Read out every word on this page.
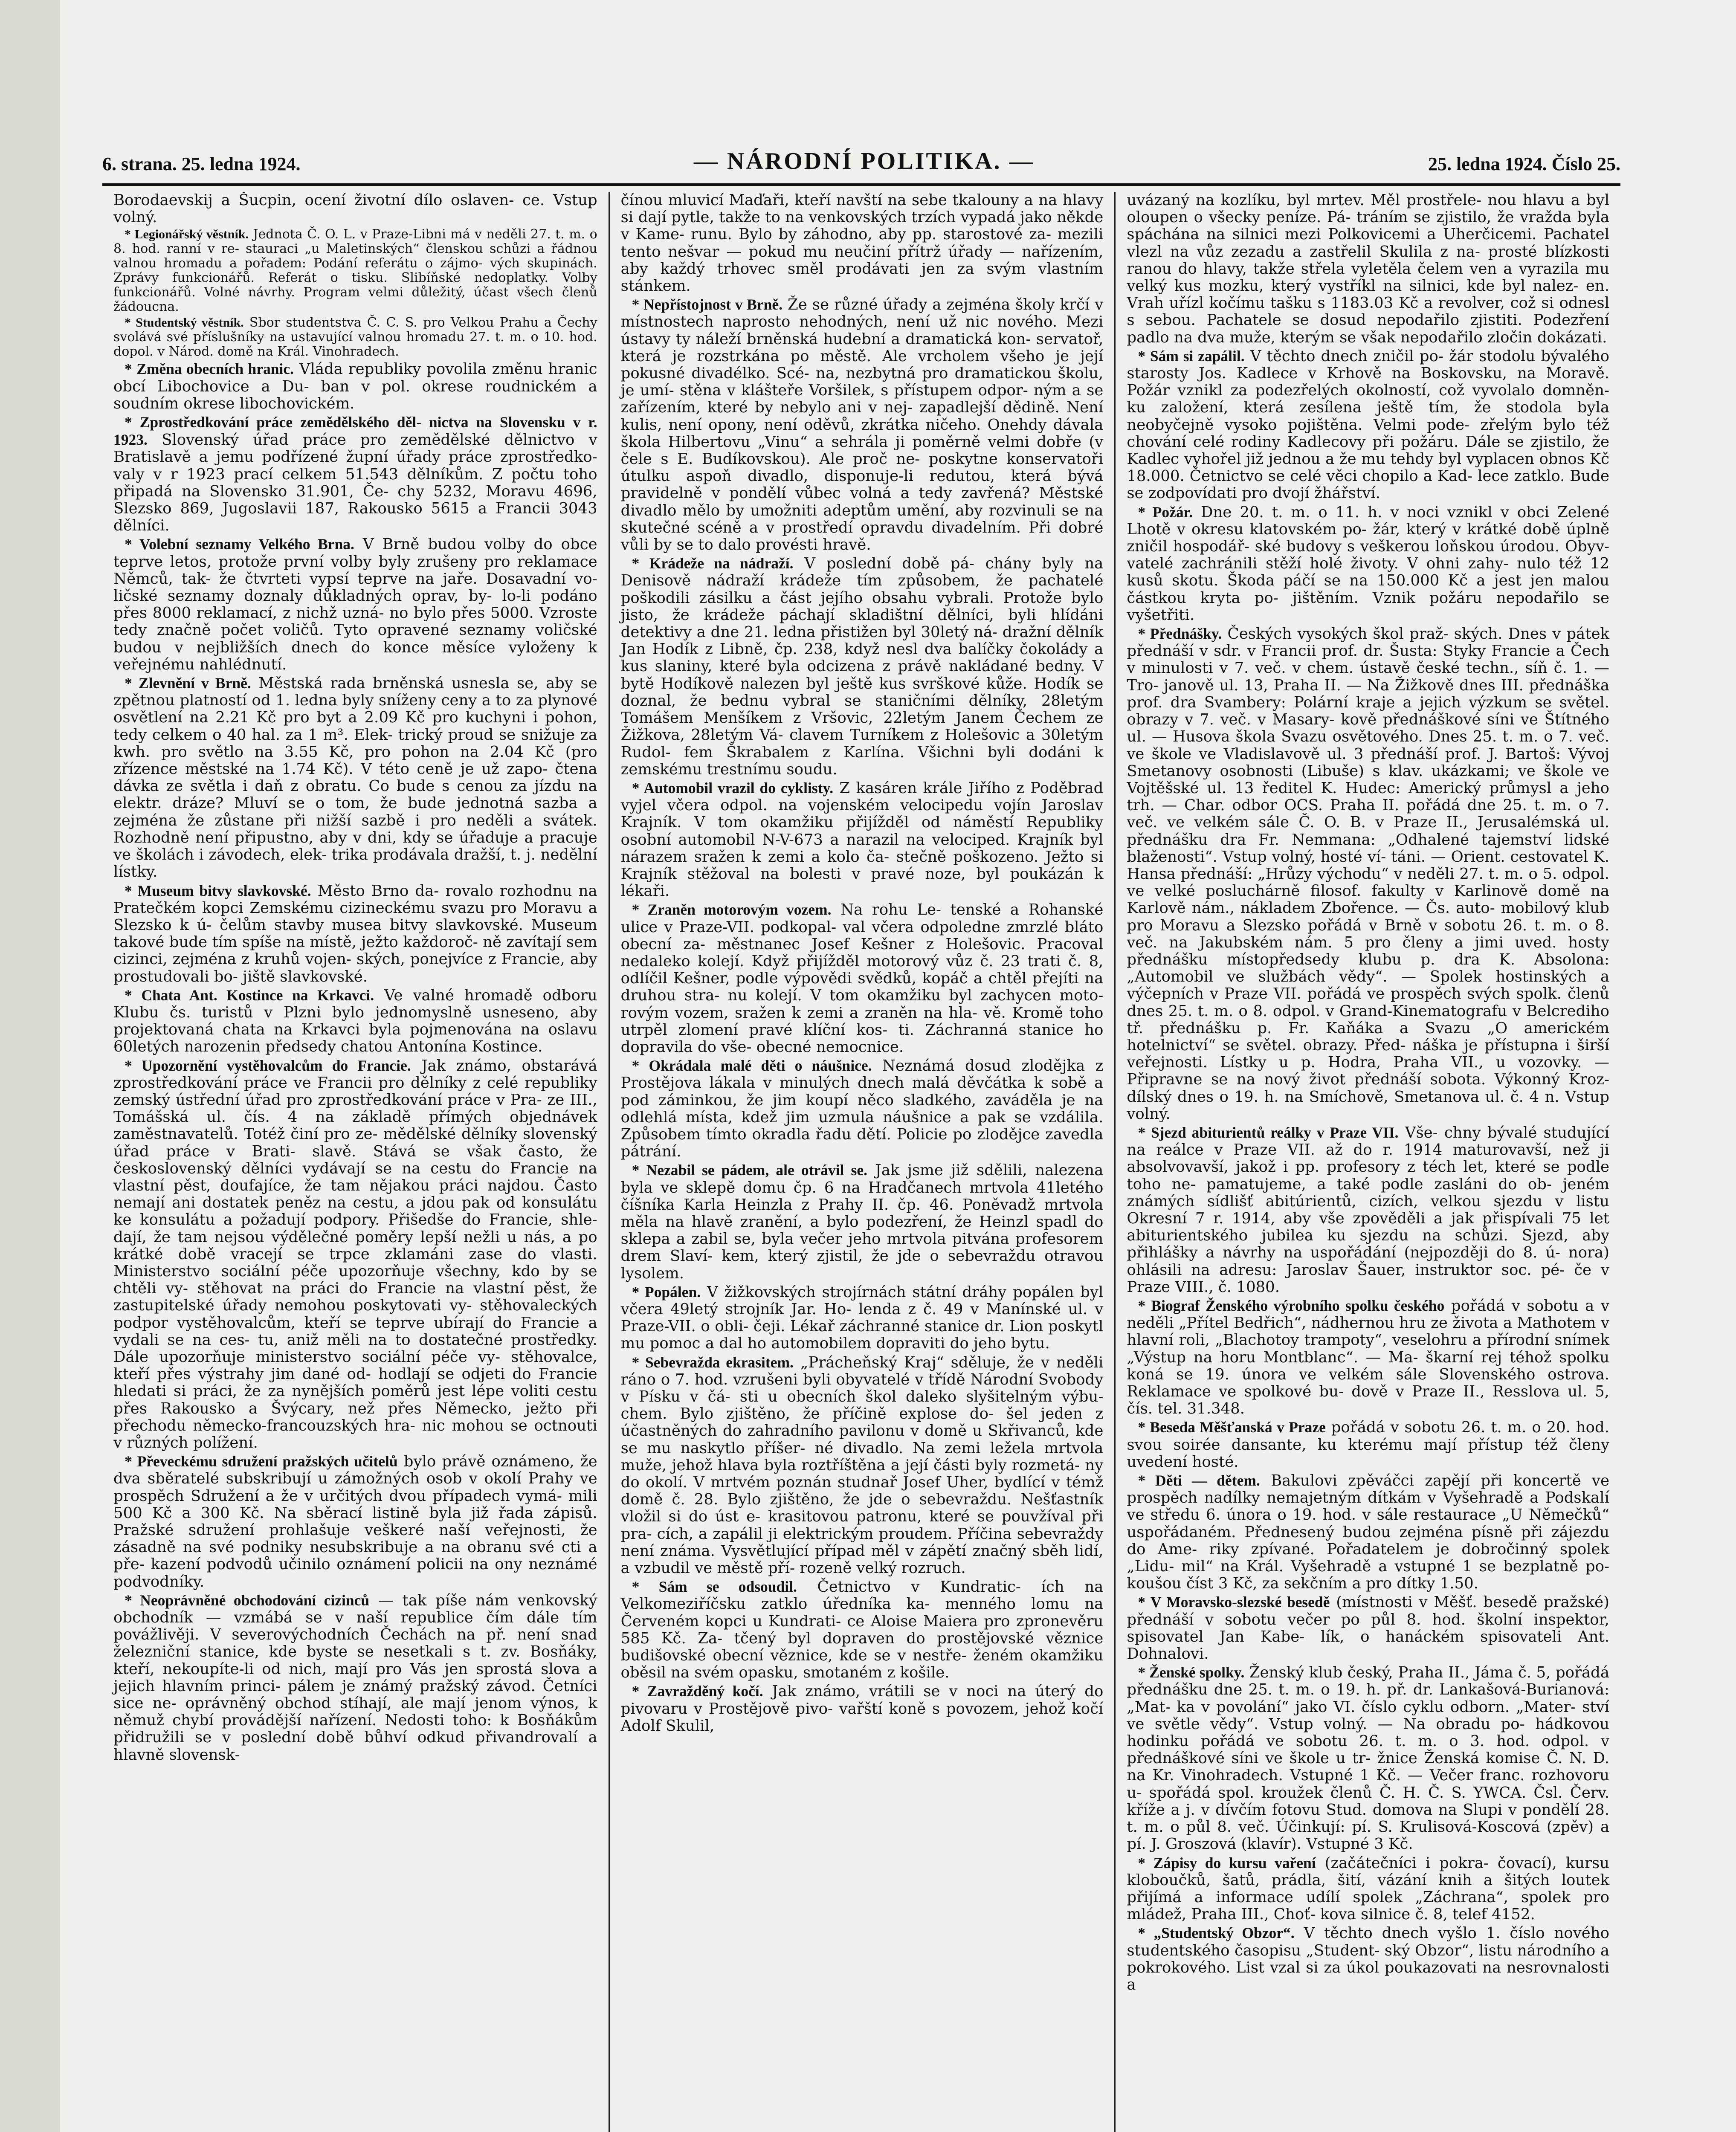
6. strana. 25. ledna 1924.	— NÁRODNÍ POLITIKA. —	25. ledna 1924. Číslo 25.

Borodaevskij a Šucpin, ocení životní dílo oslaven- ce. Vstup volný.

* Legionářský věstník. Jednota Č. O. L. v Praze-Libni má v neděli 27. t. m. o 8. hod. ranní v re- stauraci „u Maletinských“ členskou schůzi a řádnou valnou hromadu a pořadem: Podání referátu o zájmo- vých skupinách. Zprávy funkcionářů. Referát o tisku. Slibíňské nedoplatky. Volby funkcionářů. Volné návrhy. Program velmi důležitý, účast všech členů žádoucna.

* Studentský věstník. Sbor studentstva Č. C. S. pro Velkou Prahu a Čechy svolává své příslušníky na ustavující valnou hromadu 27. t. m. o 10. hod. dopol. v Národ. domě na Král. Vinohradech.

* Změna obecních hranic. Vláda republiky povolila změnu hranic obcí Libochovice a Du- ban v pol. okrese roudnickém a soudním okrese libochovickém.

* Zprostředkování práce zemědělského děl- nictva na Slovensku v r. 1923. Slovenský úřad práce pro zemědělské dělnictvo v Bratislavě a jemu podřízené župní úřady práce zprostředko- valy v r 1923 prací celkem 51.543 dělníkům. Z počtu toho připadá na Slovensko 31.901, Če- chy 5232, Moravu 4696, Slezsko 869, Jugoslavii 187, Rakousko 5615 a Francii 3043 dělníci.

* Volební seznamy Velkého Brna. V Brně budou volby do obce teprve letos, protože první volby byly zrušeny pro reklamace Němců, tak- že čtvrteti vypsí teprve na jaře. Dosavadní vo- ličské seznamy doznaly důkladných oprav, by- lo-li podáno přes 8000 reklamací, z nichž uzná- no bylo přes 5000. Vzroste tedy značně počet voličů. Tyto opravené seznamy voličské budou v nejbližších dnech do konce měsíce vyloženy k veřejnému nahlédnutí.

* Zlevnění v Brně. Městská rada brněnská usnesla se, aby se zpětnou platností od 1. ledna byly sníženy ceny a to za plynové osvětlení na 2.21 Kč pro byt a 2.09 Kč pro kuchyni i pohon, tedy celkem o 40 hal. za 1 m³. Elek- trický proud se snižuje za kwh. pro světlo na 3.55 Kč, pro pohon na 2.04 Kč (pro zřízence městské na 1.74 Kč). V této ceně je už zapo- čtena dávka ze světla i daň z obratu. Co bude s cenou za jízdu na elektr. dráze? Mluví se o tom, že bude jednotná sazba a zejména že zůstane při nižší sazbě i pro neděli a svátek. Rozhodně není připustno, aby v dni, kdy se úřaduje a pracuje ve školách i závodech, elek- trika prodávala dražší, t. j. nedělní lístky.

* Museum bitvy slavkovské. Město Brno da- rovalo rozhodnu na Pratečkém kopci Zemskému cizineckému svazu pro Moravu a Slezsko k ú- čelům stavby musea bitvy slavkovské. Museum takové bude tím spíše na místě, ježto každoroč- ně zavítají sem cizinci, zejména z kruhů vojen- ských, ponejvíce z Francie, aby prostudovali bo- jiště slavkovské.

* Chata Ant. Kostince na Krkavci. Ve valné hromadě odboru Klubu čs. turistů v Plzni bylo jednomyslně usneseno, aby projektovaná chata na Krkavci byla pojmenována na oslavu 60letých narozenin předsedy chatou Antonína Kostince.

* Upozornění vystěhovalcům do Francie. Jak známo, obstarává zprostředkování práce ve Francii pro dělníky z celé republiky zemský ústřední úřad pro zprostředkování práce v Pra- ze III., Tomášská ul. čís. 4 na základě přímých objednávek zaměstnavatelů. Totéž činí pro ze- mědělské dělníky slovenský úřad práce v Brati- slavě. Stává se však často, že československý dělníci vydávají se na cestu do Francie na vlastní pěst, doufajíce, že tam nějakou práci najdou. Často nemají ani dostatek peněz na cestu, a jdou pak od konsulátu ke konsulátu a požadují podpory. Přišedše do Francie, shle- dají, že tam nejsou výdělečné poměry lepší nežli u nás, a po krátké době vracejí se trpce zklamáni zase do vlasti. Ministerstvo sociální péče upozorňuje všechny, kdo by se chtěli vy- stěhovat na práci do Francie na vlastní pěst, že zastupitelské úřady nemohou poskytovati vy- stěhovaleckých podpor vystěhovalcům, kteří se teprve ubírají do Francie a vydali se na ces- tu, aniž měli na to dostatečné prostředky. Dále upozorňuje ministerstvo sociální péče vy- stěhovalce, kteří přes výstrahy jim dané od- hodlají se odjeti do Francie hledati si práci, že za nynějších poměrů jest lépe voliti cestu přes Rakousko a Švýcary, než přes Německo, ježto při přechodu německo-francouzských hra- nic mohou se octnouti v různých polížení.

* Převeckému sdružení pražských učitelů bylo právě oznámeno, že dva sběratelé subskribují u zámožných osob v okolí Prahy ve prospěch Sdružení a že v určitých dvou případech vymá- mili 500 Kč a 300 Kč. Na sběrací listině byla již řada zápisů. Pražské sdružení prohlašuje veškeré naší veřejnosti, že zásadně na své podniky nesubskribuje a na obranu své cti a pře- kazení podvodů učinilo oznámení policii na ony neznámé podvodníky.

* Neoprávněné obchodování cizinců — tak píše nám venkovský obchodník — vzmábá se v naší republice čím dále tím povážlivěji. V severovýchodních Čechách na př. není snad železniční stanice, kde byste se nesetkali s t. zv. Bosňáky, kteří, nekoupíte-li od nich, mají pro Vás jen sprostá slova a jejich hlavním princi- pálem je známý pražský závod. Četníci sice ne- oprávněný obchod stíhají, ale mají jenom výnos, k němuž chybí provádější nařízení. Nedosti toho: k Bosňákům přidružili se v poslední době bůhví odkud přivandrovalí a hlavně slovensk-

čínou mluvicí Maďaři, kteří navští na sebe tkalouny a na hlavy si dají pytle, takže to na venkovských trzích vypadá jako někde v Kame- runu. Bylo by záhodno, aby pp. starostové za- mezili tento nešvar — pokud mu neučiní přítrž úřady — nařízením, aby každý trhovec směl prodávati jen za svým vlastním stánkem.

* Nepřístojnost v Brně. Že se různé úřady a zejména školy krčí v místnostech naprosto nehodných, není už nic nového. Mezi ústavy ty náleží brněnská hudební a dramatická kon- servatoř, která je rozstrkána po městě. Ale vrcholem všeho je její pokusné divadélko. Scé- na, nezbytná pro dramatickou školu, je umí- stěna v klášteře Voršilek, s přístupem odpor- ným a se zařízením, které by nebylo ani v nej- zapadlejší dědině. Není kulis, není opony, není oděvů, zkrátka ničeho. Onehdy dávala škola Hilbertovu „Vinu“ a sehrála ji poměrně velmi dobře (v čele s E. Budíkovskou). Ale proč ne- poskytne konservatoři útulku aspoň divadlo, disponuje-li redutou, která bývá pravidelně v pondělí vůbec volná a tedy zavřená? Městské divadlo mělo by umožniti adeptům umění, aby rozvinuli se na skutečné scéně a v prostředí opravdu divadelním. Při dobré vůli by se to dalo provésti hravě.

* Krádeže na nádraží. V poslední době pá- chány byly na Denisově nádraží krádeže tím způsobem, že pachatelé poškodili zásilku a část jejího obsahu vybrali. Protože bylo jisto, že krádeže páchají skladištní dělníci, byli hlídáni detektivy a dne 21. ledna přistižen byl 30letý ná- dražní dělník Jan Hodík z Libně, čp. 238, když nesl dva balíčky čokolády a kus slaniny, které byla odcizena z právě nakládané bedny. V bytě Hodíkově nalezen byl ještě kus svrškové kůže. Hodík se doznal, že bednu vybral se staničními dělníky, 28letým Tomášem Menšíkem z Vršovic, 22letým Janem Čechem ze Žižkova, 28letým Vá- clavem Turníkem z Holešovic a 30letým Rudol- fem Škrabalem z Karlína. Všichni byli dodáni k zemskému trestnímu soudu.

* Automobil vrazil do cyklisty. Z kasáren krále Jiřího z Poděbrad vyjel včera odpol. na vojenském velocipedu vojín Jaroslav Krajník. V tom okamžiku přijížděl od náměstí Republiky osobní automobil N-V-673 a narazil na velociped. Krajník byl nárazem sražen k zemi a kolo ča- stečně poškozeno. Ježto si Krajník stěžoval na bolesti v pravé noze, byl poukázán k lékaři.

* Zraněn motorovým vozem. Na rohu Le- tenské a Rohanské ulice v Praze-VII. podkopal- val včera odpoledne zmrzlé bláto obecní za- městnanec Josef Kešner z Holešovic. Pracoval nedaleko kolejí. Když přijížděl motorový vůz č. 23 trati č. 8, odlíčil Kešner, podle výpovědi svědků, kopáč a chtěl přejíti na druhou stra- nu kolejí. V tom okamžiku byl zachycen moto- rovým vozem, sražen k zemi a zraněn na hla- vě. Kromě toho utrpěl zlomení pravé klíční kos- ti. Záchranná stanice ho dopravila do vše- obecné nemocnice.

* Okrádala malé děti o náušnice. Neznámá dosud zlodějka z Prostějova lákala v minulých dnech malá děvčátka k sobě a pod záminkou, že jim koupí něco sladkého, zaváděla je na odlehlá místa, kdež jim uzmula náušnice a pak se vzdálila. Způsobem tímto okradla řadu dětí. Policie po zlodějce zavedla pátrání.

* Nezabil se pádem, ale otrávil se. Jak jsme již sdělili, nalezena byla ve sklepě domu čp. 6 na Hradčanech mrtvola 41letého číšníka Karla Heinzla z Prahy II. čp. 46. Poněvadž mrtvola měla na hlavě zranění, a bylo podezření, že Heinzl spadl do sklepa a zabil se, byla večer jeho mrtvola pitvána profesorem drem Slaví- kem, který zjistil, že jde o sebevraždu otravou lysolem.

* Popálen. V žižkovských strojírnách státní dráhy popálen byl včera 49letý strojník Jar. Ho- lenda z č. 49 v Manínské ul. v Praze-VII. o obli- čeji. Lékař záchranné stanice dr. Lion poskytl mu pomoc a dal ho automobilem dopraviti do jeho bytu.

* Sebevražda ekrasitem. „Prácheňský Kraj“ sděluje, že v neděli ráno o 7. hod. vzrušeni byli obyvatelé v třídě Národní Svobody v Písku v čá- sti u obecních škol daleko slyšitelným výbu- chem. Bylo zjištěno, že příčině explose do- šel jeden z účastněných do zahradního pavilonu v domě u Skřivanců, kde se mu naskytlo příšer- né divadlo. Na zemi ležela mrtvola muže, jehož hlava byla roztříštěna a její části byly rozmetá- ny do okolí. V mrtvém poznán studnař Josef Uher, bydlící v témž domě č. 28. Bylo zjištěno, že jde o sebevraždu. Nešťastník vložil si do úst e- krasitovou patronu, které se pouvžíval při pra- cích, a zapálil ji elektrickým proudem. Příčina sebevraždy není známa. Vysvětlující případ měl v zápětí značný sběh lidí, a vzbudil ve městě pří- rozeně velký rozruch.

* Sám se odsoudil. Četnictvo v Kundratic- ích na Velkomeziříčsku zatklo úředníka ka- menného lomu na Červeném kopci u Kundrati- ce Aloise Maiera pro zpronevěru 585 Kč. Za- tčený byl dopraven do prostějovské věznice budišovské obecní věznice, kde se v nestře- ženém okamžiku oběsil na svém opasku, smotaném z košile.

* Zavražděný kočí. Jak známo, vrátili se v noci na úterý do pivovaru v Prostějově pivo- vařští koně s povozem, jehož kočí Adolf Skulil,

uvázaný na kozlíku, byl mrtev. Měl prostřele- nou hlavu a byl oloupen o všecky peníze. Pá- tráním se zjistilo, že vražda byla spáchána na silnici mezi Polkovicemi a Uherčicemi. Pachatel vlezl na vůz zezadu a zastřelil Skulila z na- prosté blízkosti ranou do hlavy, takže střela vyletěla čelem ven a vyrazila mu velký kus mozku, který vystříkl na silnici, kde byl nalez- en. Vrah uřízl kočímu tašku s 1183.03 Kč a revolver, což si odnesl s sebou. Pachatele se dosud nepodařilo zjistiti. Podezření padlo na dva muže, kterým se však nepodařilo zločin dokázati.

* Sám si zapálil. V těchto dnech zničil po- žár stodolu bývalého starosty Jos. Kadlece v Krhově na Boskovsku, na Moravě. Požár vznikl za podezřelých okolností, což vyvolalo domněn- ku založení, která zesílena ještě tím, že stodola byla neobyčejně vysoko pojištěna. Velmi pode- zřelým bylo též chování celé rodiny Kadlecovy při požáru. Dále se zjistilo, že Kadlec vyhořel již jednou a že mu tehdy byl vyplacen obnos Kč 18.000. Četnictvo se celé věci chopilo a Kad- lece zatklo. Bude se zodpovídati pro dvojí žhářství.

* Požár. Dne 20. t. m. o 11. h. v noci vznikl v obci Zelené Lhotě v okresu klatovském po- žár, který v krátké době úplně zničil hospodář- ské budovy s veškerou loňskou úrodou. Obyv- vatelé zachránili stěží holé životy. V ohni zahy- nulo též 12 kusů skotu. Škoda páčí se na 150.000 Kč a jest jen malou částkou kryta po- jištěním. Vznik požáru nepodařilo se vyšetřiti.

* Přednášky. Českých vysokých škol praž- ských. Dnes v pátek přednáší v sdr. v Francii prof. dr. Šusta: Styky Francie a Čech v minulosti v 7. več. v chem. ústavě české techn., síň č. 1. — Tro- janově ul. 13, Praha II. — Na Žižkově dnes III. přednáška prof. dra Svambery: Polární kraje a jejich výzkum se světel. obrazy v 7. več. v Masary- kově přednáškové síni ve Štítného ul. — Husova škola Svazu osvětového. Dnes 25. t. m. o 7. več. ve škole ve Vladislavově ul. 3 přednáší prof. J. Bartoš: Vývoj Smetanovy osobnosti (Libuše) s klav. ukázkami; ve škole ve Vojtěšské ul. 13 ředitel K. Hudec: Americký průmysl a jeho trh. — Char. odbor OCS. Praha II. pořádá dne 25. t. m. o 7. več. ve velkém sále Č. O. B. v Praze II., Jerusalémská ul. přednášku dra Fr. Nemmana: „Odhalené tajemství lidské blaženosti“. Vstup volný, hosté ví- táni. — Orient. cestovatel K. Hansa přednáší: „Hrůzy východu“ v neděli 27. t. m. o 5. odpol. ve velké posluchárně filosof. fakulty v Karlinově domě na Karlově nám., nákladem Zbořence. — Čs. auto- mobilový klub pro Moravu a Slezsko pořádá v Brně v sobotu 26. t. m. o 8. več. na Jakubském nám. 5 pro členy a jimi uved. hosty přednášku místopředsedy klubu p. dra K. Absolona: „Automobil ve službách vědy“. — Spolek hostinských a výčepních v Praze VII. pořádá ve prospěch svých spolk. členů dnes 25. t. m. o 8. odpol. v Grand-Kinematografu v Belcrediho tř. přednášku p. Fr. Kaňáka a Svazu „O americkém hotelnictví“ se světel. obrazy. Před- náška je přístupna i širší veřejnosti. Lístky u p. Hodra, Praha VII., u vozovky. — Připravne se na nový život přednáší sobota. Výkonný Kroz- dílský dnes o 19. h. na Smíchově, Smetanova ul. č. 4 n. Vstup volný.

* Sjezd abiturientů reálky v Praze VII. Vše- chny bývalé studující na reálce v Praze VII. až do r. 1914 maturovavší, než ji absolvovavší, jakož i pp. profesory z téch let, které se podle toho ne- pamatujeme, a také podle zasláni do ob- jeném známých sídlišť abitúrientů, cizích, velkou sjezdu v listu Okresní 7 r. 1914, aby vše zpověděli a jak přispívali 75 let abiturientského jubilea ku sjezdu na schůzi. Sjezd, aby přihlášky a návrhy na uspořádání (nejpozději do 8. ú- nora) ohlásili na adresu: Jaroslav Šauer, instruktor soc. pé- če v Praze VIII., č. 1080.

* Biograf Ženského výrobního spolku českého pořádá v sobotu a v neděli „Přítel Bedřich“, nádhernou hru ze života a Mathotem v hlavní roli, „Blachotoy trampoty“, veselohru a přírodní snímek „Výstup na horu Montblanc“. — Ma- škarní rej téhož spolku koná se 19. února ve velkém sále Slovenského ostrova. Reklamace ve spolkové bu- dově v Praze II., Resslova ul. 5, čís. tel. 31.348.

* Beseda Měšťanská v Praze pořádá v sobotu 26. t. m. o 20. hod. svou soirée dansante, ku kterému mají přístup též členy uvedení hosté.

* Děti — dětem. Bakulovi zpěváčci zapějí při koncertě ve prospěch nadílky nemajetným dítkám v Vyšehradě a Podskalí ve středu 6. února o 19. hod. v sále restaurace „U Němečků“ uspořádaném. Přednesený budou zejména písně při zájezdu do Ame- riky zpívané. Pořadatelem je dobročinný spolek „Lidu- mil“ na Král. Vyšehradě a vstupné 1 se bezplatně po- koušou číst 3 Kč, za sekčním a pro dítky 1.50.

* V Moravsko-slezské besedě (místnosti v Měšť. besedě pražské) přednáší v sobotu večer po půl 8. hod. školní inspektor, spisovatel Jan Kabe- lík, o hanáckém spisovateli Ant. Dohnalovi.

* Ženské spolky. Ženský klub český, Praha II., Jáma č. 5, pořádá přednášku dne 25. t. m. o 19. h. př. dr. Lankašová-Burianová: „Mat- ka v povolání“ jako VI. číslo cyklu odborn. „Mater- ství ve světle vědy“. Vstup volný. — Na obradu po- hádkovou hodinku pořádá ve sobotu 26. t. m. o 3. hod. odpol. v přednáškové síni ve škole u tr- žnice Ženská komise Č. N. D. na Kr. Vinohradech. Vstupné 1 Kč. — Večer franc. rozhovoru u- spořádá spol. kroužek členů Č. H. Č. S. YWCA. Čsl. Červ. kříže a j. v dívčím fotovu Stud. domova na Slupi v pondělí 28. t. m. o půl 8. več. Účinkují: pí. S. Krulisová-Koscová (zpěv) a pí. J. Groszová (klavír). Vstupné 3 Kč.

* Zápisy do kursu vaření (začátečníci i pokra- čovací), kursu kloboučků, šatů, prádla, šití, vázání knih a šitých loutek přijímá a informace udílí spolek „Záchrana“, spolek pro mládež, Praha III., Choť- kova silnice č. 8, telef 4152.

* „Studentský Obzor“. V těchto dnech vyšlo 1. číslo nového studentského časopisu „Student- ský Obzor“, listu národního a pokrokového. List vzal si za úkol poukazovati na nesrovnalosti a
